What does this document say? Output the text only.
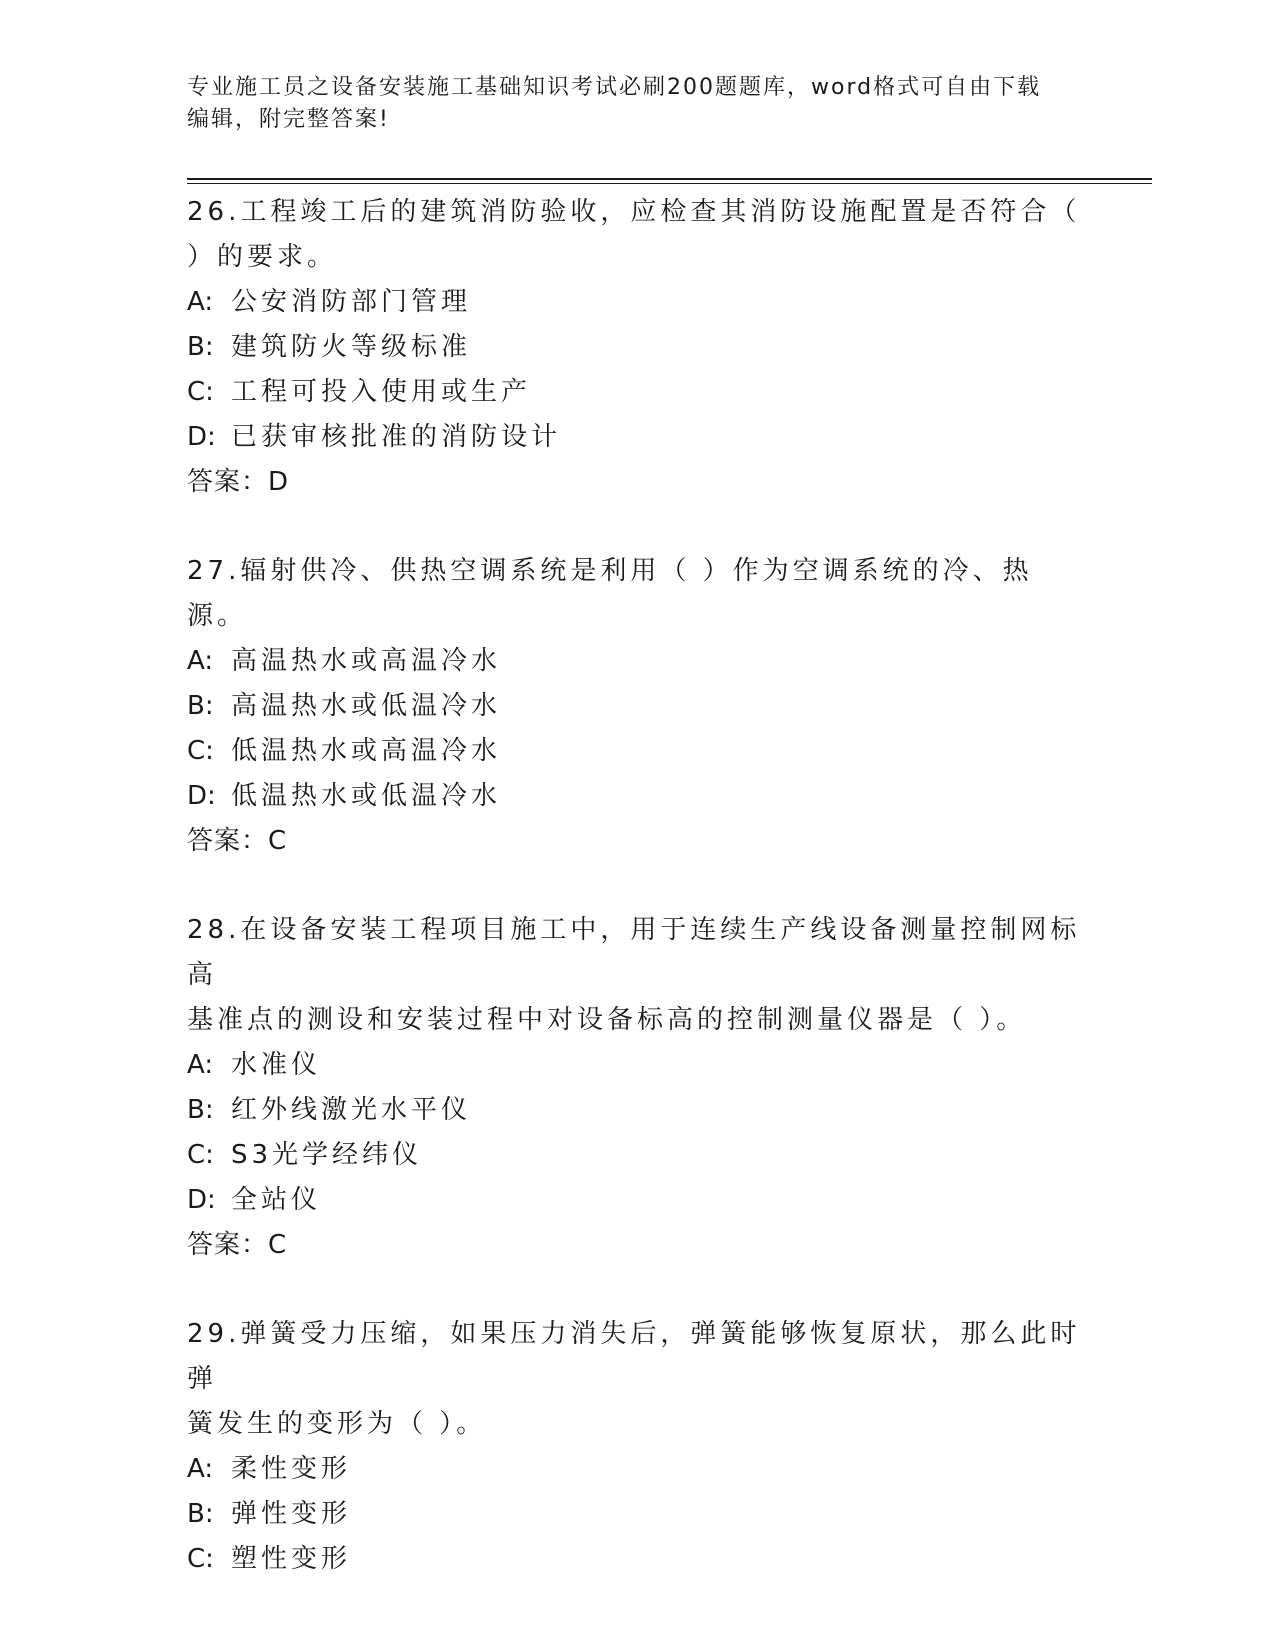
专业施工员之设备安装施工基础知识考试必刷200题题库，word格式可自由下载
编辑，附完整答案!
26.工程竣工后的建筑消防验收，应检查其消防设施配置是否符合（
）的要求。
A: 公安消防部门管理
B: 建筑防火等级标准
C: 工程可投入使用或生产
D: 已获审核批准的消防设计
答案：D
27.辐射供冷、供热空调系统是利用（ ）作为空调系统的冷、热源。
A: 高温热水或高温冷水
B: 高温热水或低温冷水
C: 低温热水或高温冷水
D: 低温热水或低温冷水
答案：C
28.在设备安装工程项目施工中，用于连续生产线设备测量控制网标高
基准点的测设和安装过程中对设备标高的控制测量仪器是（ ）。
A: 水准仪
B: 红外线激光水平仪
C: S3光学经纬仪
D: 全站仪
答案：C
29.弹簧受力压缩，如果压力消失后，弹簧能够恢复原状，那么此时弹
簧发生的变形为（ ）。
A: 柔性变形
B: 弹性变形
C: 塑性变形
